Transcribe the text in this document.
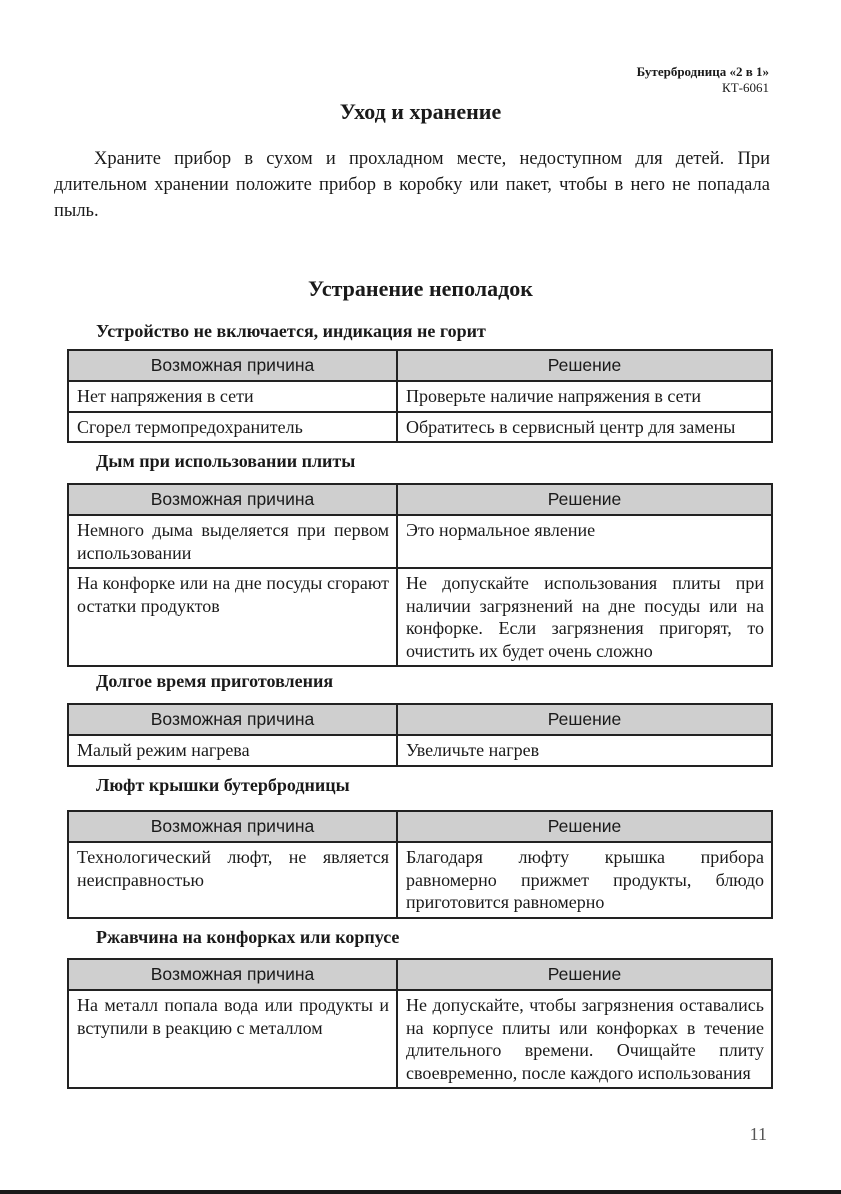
Бутербродница «2 в 1»
КТ-6061
Уход и хранение

Храните прибор в сухом и прохладном месте, недоступном для детей. При длительном хранении положите прибор в коробку или пакет, чтобы в него не попадала пыль.

Устранение неполадок
Устройство не включается, индикация не горит
Возможная причина	Решение
Нет напряжения в сети	Проверьте наличие напряжения в сети
Сгорел термопредохранитель	Обратитесь в сервисный центр для замены
Дым при использовании плиты
Возможная причина	Решение
Немного дыма выделяется при первом использовании	Это нормальное явление
На конфорке или на дне посуды сгорают остатки продуктов	Не допускайте использования плиты при наличии загрязнений на дне посуды или на конфорке. Если загрязнения пригорят, то очистить их будет очень сложно
Долгое время приготовления
Возможная причина	Решение
Малый режим нагрева	Увеличьте нагрев
Люфт крышки бутербродницы
Возможная причина	Решение
Технологический люфт, не является неисправностью	Благодаря люфту крышка прибора равномерно прижмет продукты, блюдо приготовится равномерно
Ржавчина на конфорках или корпусе
Возможная причина	Решение
На металл попала вода или продукты и вступили в реакцию с металлом	Не допускайте, чтобы загрязнения оставались на корпусе плиты или конфорках в течение длительного времени. Очищайте плиту своевременно, после каждого использования
11
